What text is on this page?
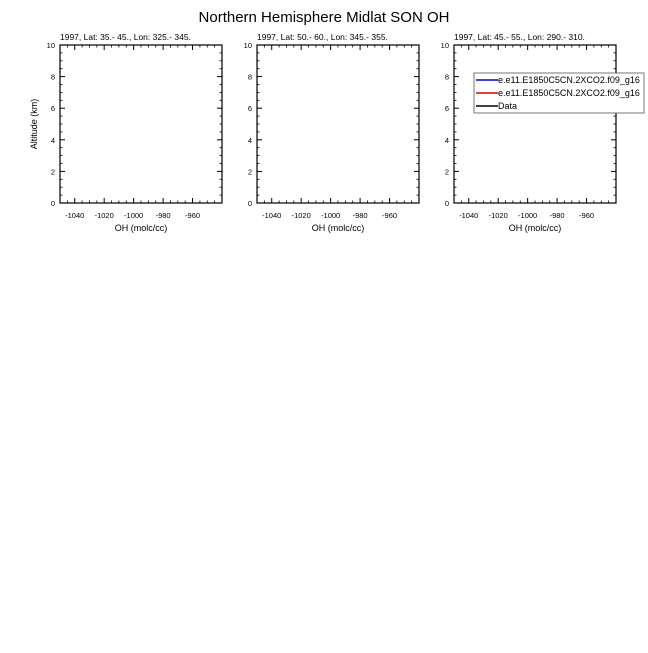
Northern Hemisphere Midlat SON OH
1997, Lat: 35.- 45., Lon: 325.- 345.
-1040 -1020 -1000 -980 -960
0
2
4
6
8
10
OH (molc/cc)
Altitude (km)
1997, Lat: 50.- 60., Lon: 345.- 355.
-1040 -1020 -1000 -980 -960
0
2
4
6
8
10
OH (molc/cc)
1997, Lat: 45.- 55., Lon: 290.- 310.
-1040 -1020 -1000 -980 -960
0
2
4
6
8
10
OH (molc/cc)
e.e11.E1850C5CN.2XCO2.f09_g16
e.e11.E1850C5CN.2XCO2.f09_g16
Data
